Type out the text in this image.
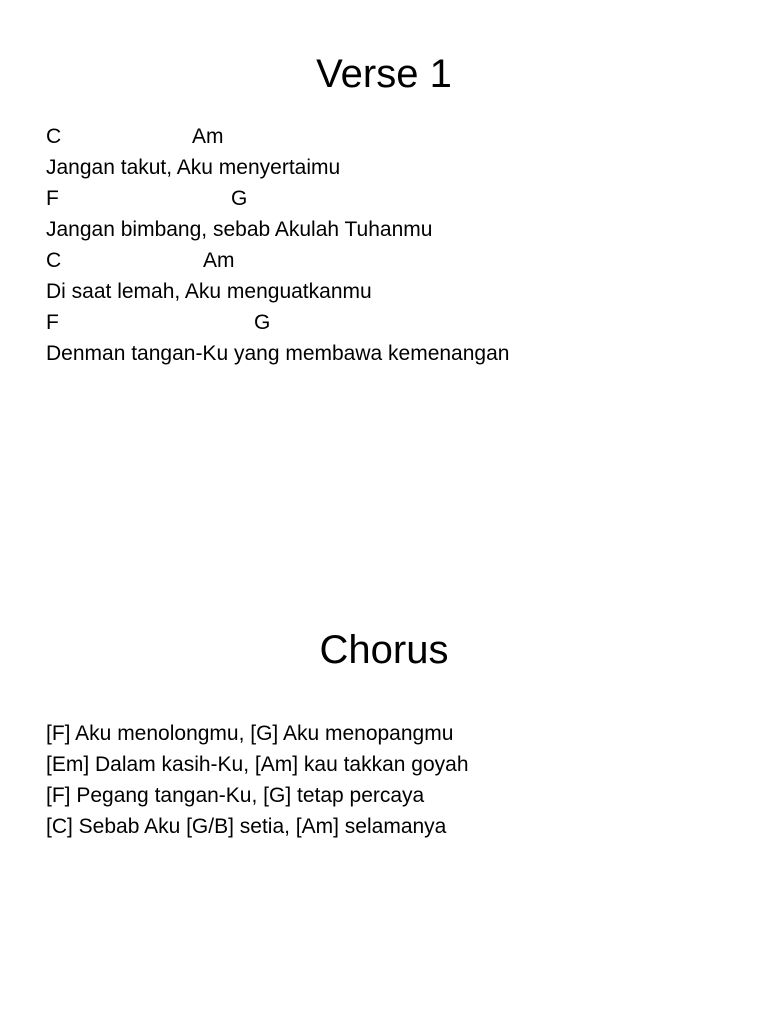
Verse 1
C	Am
Jangan takut, Aku menyertaimu
F	G
Jangan bimbang, sebab Akulah Tuhanmu
C	Am
Di saat lemah, Aku menguatkanmu
F	G
Denman tangan-Ku yang membawa kemenangan
Chorus
[F] Aku menolongmu, [G] Aku menopangmu
[Em] Dalam kasih-Ku, [Am] kau takkan goyah
[F] Pegang tangan-Ku, [G] tetap percaya
[C] Sebab Aku [G/B] setia, [Am] selamanya
